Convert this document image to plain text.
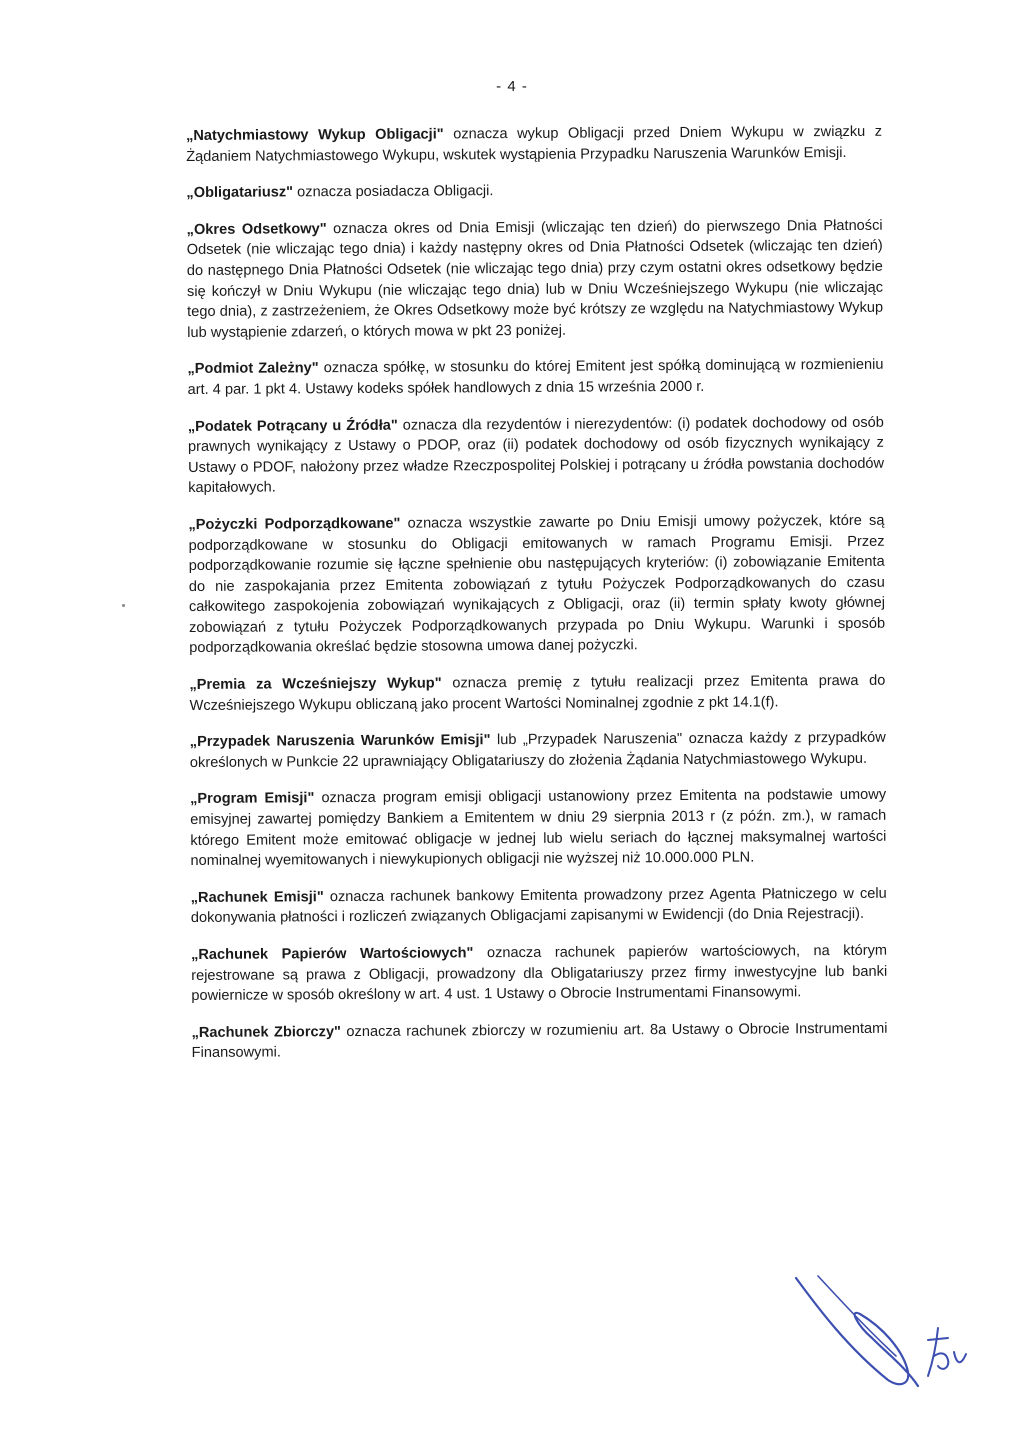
- 4 -

„Natychmiastowy Wykup Obligacji" oznacza wykup Obligacji przed Dniem Wykupu w związku z Żądaniem Natychmiastowego Wykupu, wskutek wystąpienia Przypadku Naruszenia Warunków Emisji.

„Obligatariusz" oznacza posiadacza Obligacji.

„Okres Odsetkowy" oznacza okres od Dnia Emisji (wliczając ten dzień) do pierwszego Dnia Płatności Odsetek (nie wliczając tego dnia) i każdy następny okres od Dnia Płatności Odsetek (wliczając ten dzień) do następnego Dnia Płatności Odsetek (nie wliczając tego dnia) przy czym ostatni okres odsetkowy będzie się kończył w Dniu Wykupu (nie wliczając tego dnia) lub w Dniu Wcześniejszego Wykupu (nie wliczając tego dnia), z zastrzeżeniem, że Okres Odsetkowy może być krótszy ze względu na Natychmiastowy Wykup lub wystąpienie zdarzeń, o których mowa w pkt 23 poniżej.

„Podmiot Zależny" oznacza spółkę, w stosunku do której Emitent jest spółką dominującą w rozmienieniu art. 4 par. 1 pkt 4. Ustawy kodeks spółek handlowych z dnia 15 września 2000 r.

„Podatek Potrącany u Źródła" oznacza dla rezydentów i nierezydentów: (i) podatek dochodowy od osób prawnych wynikający z Ustawy o PDOP, oraz (ii) podatek dochodowy od osób fizycznych wynikający z Ustawy o PDOF, nałożony przez władze Rzeczpospolitej Polskiej i potrącany u źródła powstania dochodów kapitałowych.

„Pożyczki Podporządkowane" oznacza wszystkie zawarte po Dniu Emisji umowy pożyczek, które są podporządkowane w stosunku do Obligacji emitowanych w ramach Programu Emisji. Przez podporządkowanie rozumie się łączne spełnienie obu następujących kryteriów: (i) zobowiązanie Emitenta do nie zaspokajania przez Emitenta zobowiązań z tytułu Pożyczek Podporządkowanych do czasu całkowitego zaspokojenia zobowiązań wynikających z Obligacji, oraz (ii) termin spłaty kwoty głównej zobowiązań z tytułu Pożyczek Podporządkowanych przypada po Dniu Wykupu. Warunki i sposób podporządkowania określać będzie stosowna umowa danej pożyczki.

„Premia za Wcześniejszy Wykup" oznacza premię z tytułu realizacji przez Emitenta prawa do Wcześniejszego Wykupu obliczaną jako procent Wartości Nominalnej zgodnie z pkt 14.1(f).

„Przypadek Naruszenia Warunków Emisji" lub „Przypadek Naruszenia" oznacza każdy z przypadków określonych w Punkcie 22 uprawniający Obligatariuszy do złożenia Żądania Natychmiastowego Wykupu.

„Program Emisji" oznacza program emisji obligacji ustanowiony przez Emitenta na podstawie umowy emisyjnej zawartej pomiędzy Bankiem a Emitentem w dniu 29 sierpnia 2013 r (z późn. zm.), w ramach którego Emitent może emitować obligacje w jednej lub wielu seriach do łącznej maksymalnej wartości nominalnej wyemitowanych i niewykupionych obligacji nie wyższej niż 10.000.000 PLN.

„Rachunek Emisji" oznacza rachunek bankowy Emitenta prowadzony przez Agenta Płatniczego w celu dokonywania płatności i rozliczeń związanych Obligacjami zapisanymi w Ewidencji (do Dnia Rejestracji).

„Rachunek Papierów Wartościowych" oznacza rachunek papierów wartościowych, na którym rejestrowane są prawa z Obligacji, prowadzony dla Obligatariuszy przez firmy inwestycyjne lub banki powiernicze w sposób określony w art. 4 ust. 1 Ustawy o Obrocie Instrumentami Finansowymi.

„Rachunek Zbiorczy" oznacza rachunek zbiorczy w rozumieniu art. 8a Ustawy o Obrocie Instrumentami Finansowymi.
